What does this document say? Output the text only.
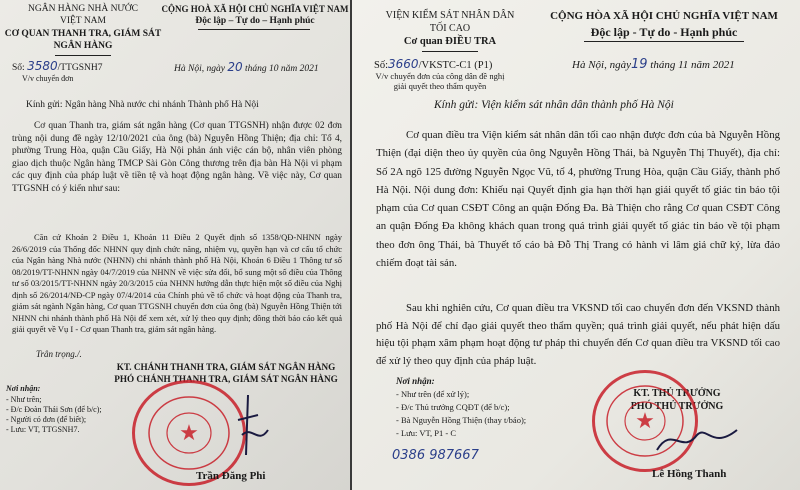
NGÂN HÀNG NHÀ NƯỚC
VIỆT NAM
CƠ QUAN THANH TRA, GIÁM SÁT
NGÂN HÀNG
CỘNG HOÀ XÃ HỘI CHỦ NGHĨA VIỆT NAM
Độc lập – Tự do – Hạnh phúc
Số: 3580/TTGSNH7
V/v chuyển đơn
Hà Nội, ngày 20 tháng 10 năm 2021
Kính gửi: Ngân hàng Nhà nước chi nhánh Thành phố Hà Nội
Cơ quan Thanh tra, giám sát ngân hàng (Cơ quan TTGSNH) nhận được 02 đơn trùng nội dung đề ngày 12/10/2021 của ông (bà) Nguyễn Hồng Thiện; địa chỉ: Tổ 4, phường Trung Hòa, quận Cầu Giấy, Hà Nội phản ánh việc cán bộ, nhân viên phòng giao dịch thuộc Ngân hàng TMCP Sài Gòn Công thương trên địa bàn Hà Nội vi phạm các quy định của pháp luật về tiền tệ và hoạt động ngân hàng. Về việc này, Cơ quan TTGSNH có ý kiến như sau:
Căn cứ Khoản 2 Điều 1, Khoản 11 Điều 2 Quyết định số 1358/QĐ-NHNN ngày 26/6/2019 của Thống đốc NHNN quy định chức năng, nhiệm vụ, quyền hạn và cơ cấu tổ chức của Ngân hàng Nhà nước (NHNN) chi nhánh thành phố Hà Nội, Khoản 6 Điều 1 Thông tư số 08/2019/TT-NHNN ngày 04/7/2019 của NHNN về việc sửa đổi, bổ sung một số điều của Thông tư số 03/2015/TT-NHNN ngày 20/3/2015 của NHNN hướng dẫn thực hiện một số điều của Nghị định số 26/2014/NĐ-CP ngày 07/4/2014 của Chính phủ về tổ chức và hoạt động của Thanh tra, giám sát ngành Ngân hàng, Cơ quan TTGSNH chuyển đơn của ông (bà) Nguyễn Hồng Thiện tới NHNN chi nhánh thành phố Hà Nội để xem xét, xử lý theo quy định; đồng thời báo cáo kết quả giải quyết về Vụ I - Cơ quan Thanh tra, giám sát ngân hàng.
Trân trọng./.
KT. CHÁNH THANH TRA, GIÁM SÁT NGÂN HÀNG
PHÓ CHÁNH THANH TRA, GIÁM SÁT NGÂN HÀNG
Nơi nhận:
- Như trên;
- Đ/c Đoàn Thái Sơn (để b/c);
- Người có đơn (để biết);
- Lưu: VT, TTGSNH7.	★
Trần Đăng Phi
VIỆN KIỂM SÁT NHÂN DÂN
TỐI CAO
Cơ quan ĐIỀU TRA
CỘNG HÒA XÃ HỘI CHỦ NGHĨA VIỆT NAM
Độc lập - Tự do - Hạnh phúc
Số:3660/VKSTC-C1 (P1)
V/v chuyển đơn của công dân đề nghị giải quyết theo thẩm quyền
Hà Nội, ngày19 tháng 11 năm 2021
Kính gửi: Viện kiểm sát nhân dân thành phố Hà Nội
Cơ quan điều tra Viện kiểm sát nhân dân tối cao nhận được đơn của bà Nguyễn Hồng Thiện (đại diện theo ủy quyền của ông Nguyễn Hồng Thái, bà Nguyễn Thị Thuyết), địa chỉ: Số 2A ngõ 125 đường Nguyễn Ngọc Vũ, tổ 4, phường Trung Hòa, quận Cầu Giấy, thành phố Hà Nội. Nội dung đơn: Khiếu nại Quyết định gia hạn thời hạn giải quyết tố giác tin báo tội phạm của Cơ quan CSĐT Công an quận Đống Đa. Bà Thiện cho rằng Cơ quan CSĐT Công an quận Đống Đa không khách quan trong quá trình giải quyết tố giác tin báo về tội phạm theo đơn ông Thái, bà Thuyết tố cáo bà Đỗ Thị Trang có hành vi lâm giả chữ ký, lừa đảo chiếm đoạt tài sản.
Sau khi nghiên cứu, Cơ quan điều tra VKSND tối cao chuyển đơn đến VKSND thành phố Hà Nội để chỉ đạo giải quyết theo thẩm quyền; quá trình giải quyết, nếu phát hiện dấu hiệu tội phạm xâm phạm hoạt động tư pháp thì chuyển đến Cơ quan điều tra VKSND tối cao để xử lý theo quy định của pháp luật.
Nơi nhận:
- Như trên (để xử lý);
- Đ/c Thủ trưởng CQĐT (để b/c);
- Bà Nguyễn Hồng Thiện (thay t/báo);
- Lưu: VT, P1 - C
0386 987667
KT. THỦ TRƯỞNG
PHÓ THỦ TRƯỞNG
★
Lê Hồng Thanh
